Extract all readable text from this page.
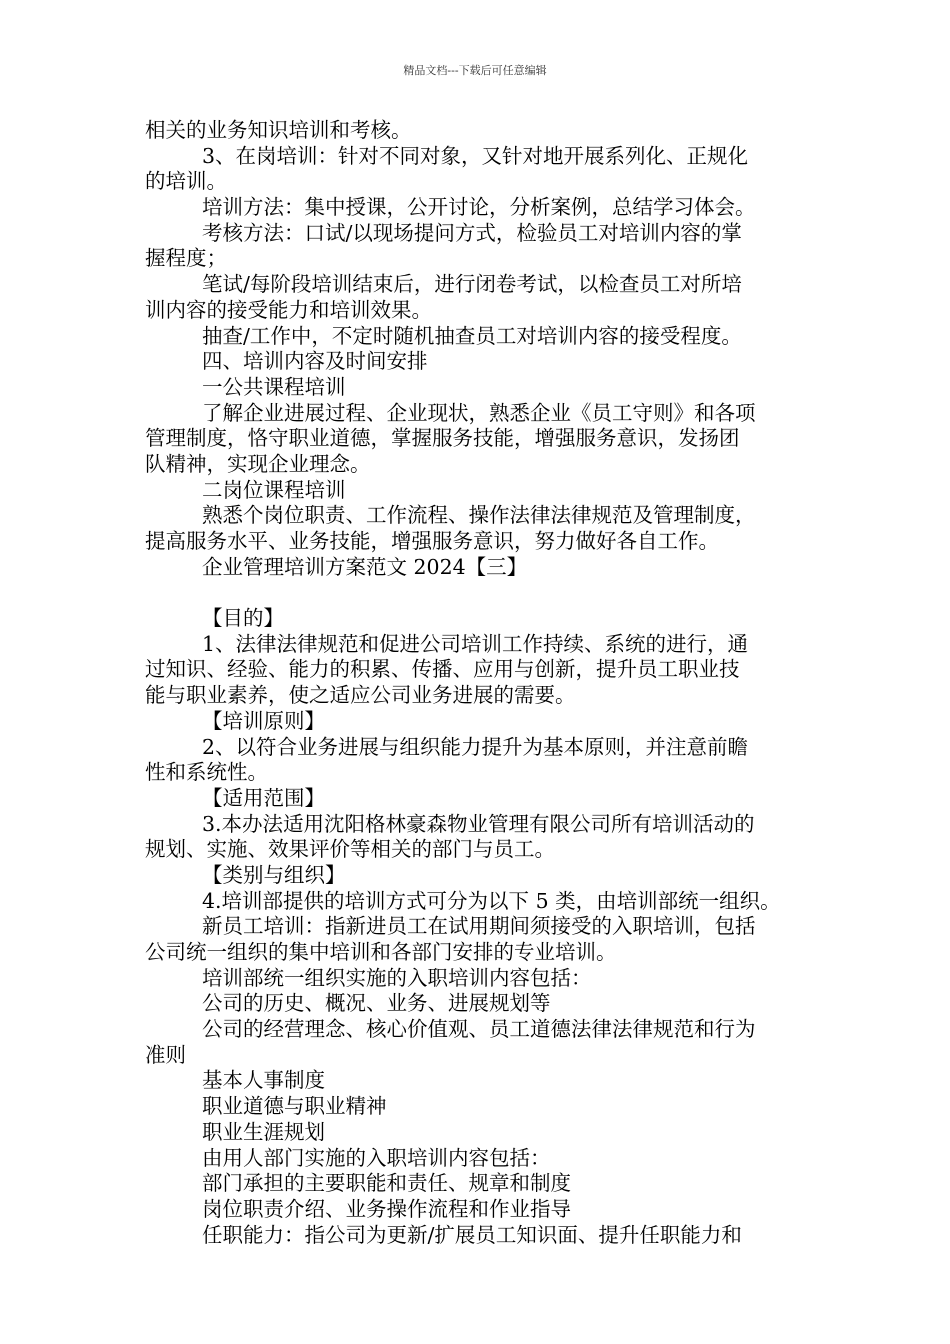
精品文档---下载后可任意编辑
相关的业务知识培训和考核。
3、在岗培训：针对不同对象，又针对地开展系列化、正规化
的培训。
培训方法：集中授课，公开讨论，分析案例，总结学习体会。
考核方法：口试/以现场提问方式，检验员工对培训内容的掌
握程度；
笔试/每阶段培训结束后，进行闭卷考试，以检查员工对所培
训内容的接受能力和培训效果。
抽查/工作中，不定时随机抽查员工对培训内容的接受程度。
四、培训内容及时间安排
一公共课程培训
了解企业进展过程、企业现状，熟悉企业《员工守则》和各项
管理制度，恪守职业道德，掌握服务技能，增强服务意识，发扬团
队精神，实现企业理念。
二岗位课程培训
熟悉个岗位职责、工作流程、操作法律法律规范及管理制度，
提高服务水平、业务技能，增强服务意识，努力做好各自工作。
企业管理培训方案范文 2024【三】
【目的】
1、法律法律规范和促进公司培训工作持续、系统的进行，通
过知识、经验、能力的积累、传播、应用与创新，提升员工职业技
能与职业素养，使之适应公司业务进展的需要。
【培训原则】
2、以符合业务进展与组织能力提升为基本原则，并注意前瞻
性和系统性。
【适用范围】
3.本办法适用沈阳格林豪森物业管理有限公司所有培训活动的
规划、实施、效果评价等相关的部门与员工。
【类别与组织】
4.培训部提供的培训方式可分为以下 5 类，由培训部统一组织。
新员工培训：指新进员工在试用期间须接受的入职培训，包括
公司统一组织的集中培训和各部门安排的专业培训。
培训部统一组织实施的入职培训内容包括：
公司的历史、概况、业务、进展规划等
公司的经营理念、核心价值观、员工道德法律法律规范和行为
准则
基本人事制度
职业道德与职业精神
职业生涯规划
由用人部门实施的入职培训内容包括：
部门承担的主要职能和责任、规章和制度
岗位职责介绍、业务操作流程和作业指导
任职能力：指公司为更新/扩展员工知识面、提升任职能力和
